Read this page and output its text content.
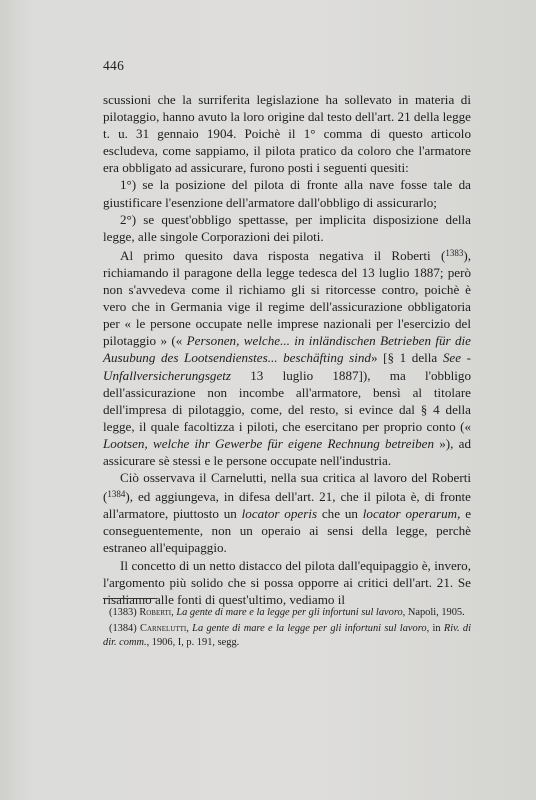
446

scussioni che la surriferita legislazione ha sollevato in materia di pilotaggio, hanno avuto la loro origine dal testo dell'art. 21 della legge t. u. 31 gennaio 1904. Poichè il 1° comma di questo articolo escludeva, come sappiamo, il pilota pratico da coloro che l'armatore era obbligato ad assicurare, furono posti i seguenti quesiti:

1°) se la posizione del pilota di fronte alla nave fosse tale da giustificare l'esenzione dell'armatore dall'obbligo di assicurarlo;

2°) se quest'obbligo spettasse, per implicita disposizione della legge, alle singole Corporazioni dei piloti.

Al primo quesito dava risposta negativa il Roberti ($^{1383}$), richiamando il paragone della legge tedesca del 13 luglio 1887; però non s'avvedeva come il richiamo gli si ritorcesse contro, poichè è vero che in Germania vige il regime dell'assicurazione obbligatoria per « le persone occupate nelle imprese nazionali per l'esercizio del pilotaggio » (« Personen, welche... in inländischen Betrieben für die Ausubung des Lootsendienstes... beschäfting sind» [§ 1 della See - Unfallversicherungsgetz 13 luglio 1887]), ma l'obbligo dell'assicurazione non incombe all'armatore, bensì al titolare dell'impresa di pilotaggio, come, del resto, si evince dal § 4 della legge, il quale facoltizza i piloti, che esercitano per proprio conto (« Lootsen, welche ihr Gewerbe für eigene Rechnung betreiben »), ad assicurare sè stessi e le persone occupate nell'industria.

Ciò osservava il Carnelutti, nella sua critica al lavoro del Roberti ($^{1384}$), ed aggiungeva, in difesa dell'art. 21, che il pilota è, di fronte all'armatore, piuttosto un locator operis che un locator operarum, e conseguentemente, non un operaio ai sensi della legge, perchè estraneo all'equipaggio.

Il concetto di un netto distacco del pilota dall'equipaggio è, invero, l'argomento più solido che si possa opporre ai critici dell'art. 21. Se risaliamo alle fonti di quest'ultimo, vediamo il

(1383) Roberti, La gente di mare e la legge per gli infortuni sul lavoro, Napoli, 1905.

(1384) Carnelutti, La gente di mare e la legge per gli infortuni sul lavoro, in Riv. di dir. comm., 1906, I, p. 191, segg.
